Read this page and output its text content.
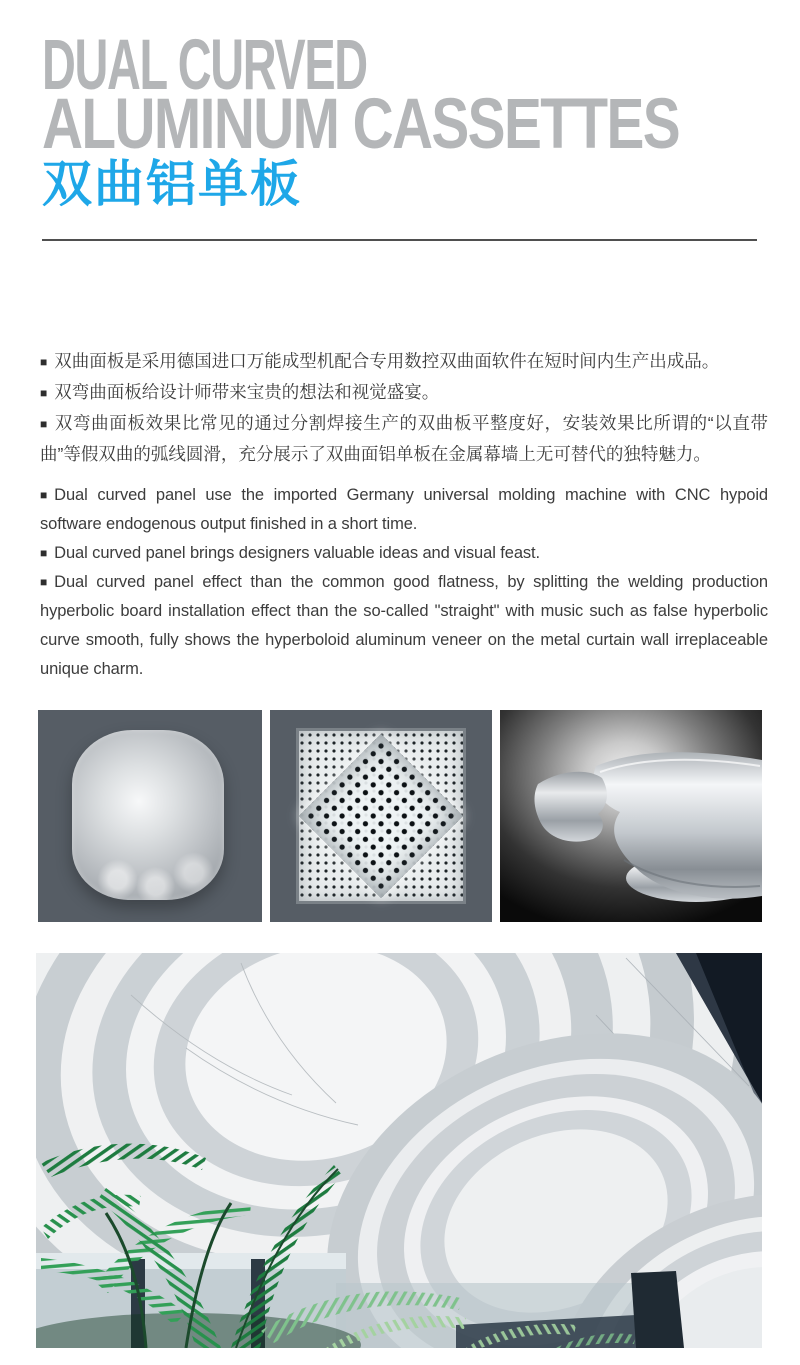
DUAL CURVED
ALUMINUM CASSETTES
双曲铝单板

■ 双曲面板是采用德国进口万能成型机配合专用数控双曲面软件在短时间内生产出成品。

■ 双弯曲面板给设计师带来宝贵的想法和视觉盛宴。

■ 双弯曲面板效果比常见的通过分割焊接生产的双曲板平整度好，安装效果比所谓的“以直带曲”等假双曲的弧线圆滑，充分展示了双曲面铝单板在金属幕墙上无可替代的独特魅力。

■ Dual curved panel use the imported Germany universal molding machine with CNC hypoid software endogenous output finished in a short time.

■ Dual curved panel brings designers valuable ideas and visual feast.

■ Dual curved panel effect than the common good flatness, by splitting the welding production hyperbolic board installation effect than the so-called "straight" with music such as false hyperbolic curve smooth, fully shows the hyperboloid aluminum veneer on the metal curtain wall irreplaceable unique charm.
